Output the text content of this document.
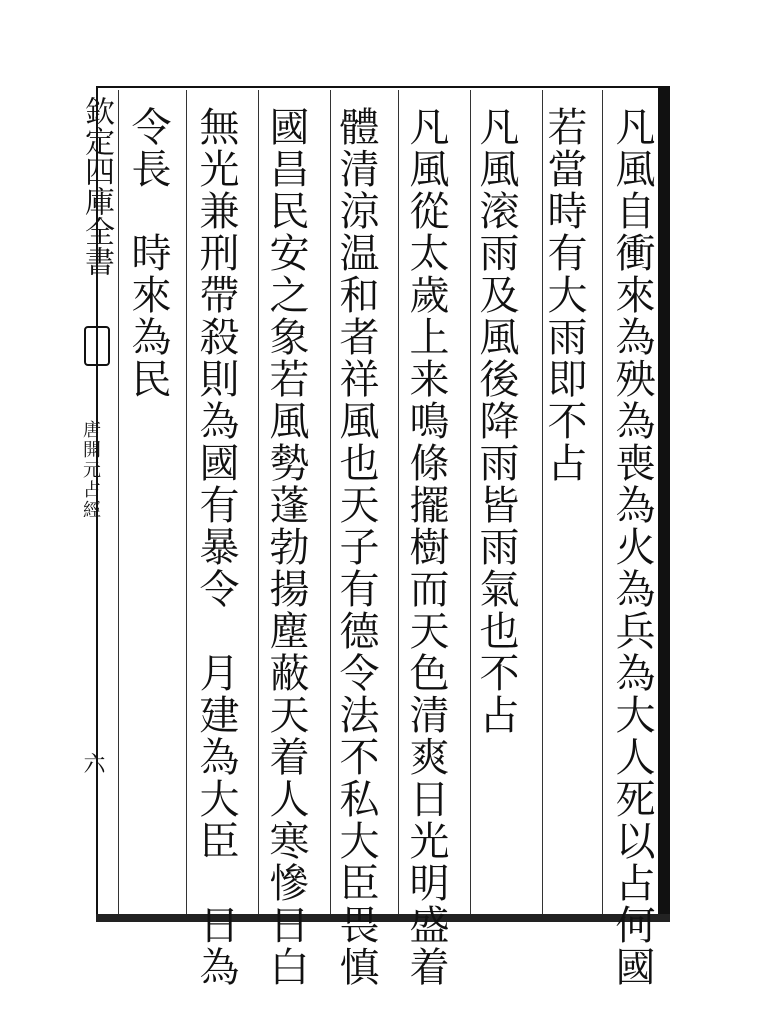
凡風自衝來為殃為喪為火為兵為大人死以占何國
若當時有大雨即不占
凡風滚雨及風後降雨皆雨氣也不占
凡風從太歲上来鳴條擺樹而天色清爽日光明盛着
體清涼温和者祥風也天子有德令法不私大臣畏慎
國昌民安之象若風勢蓬勃揚塵蔽天着人寒慘日白
無光兼刑帶殺則為國有暴令　月建為大臣　日為
令長　時來為民
欽定四庫全書
唐開元占經
六
